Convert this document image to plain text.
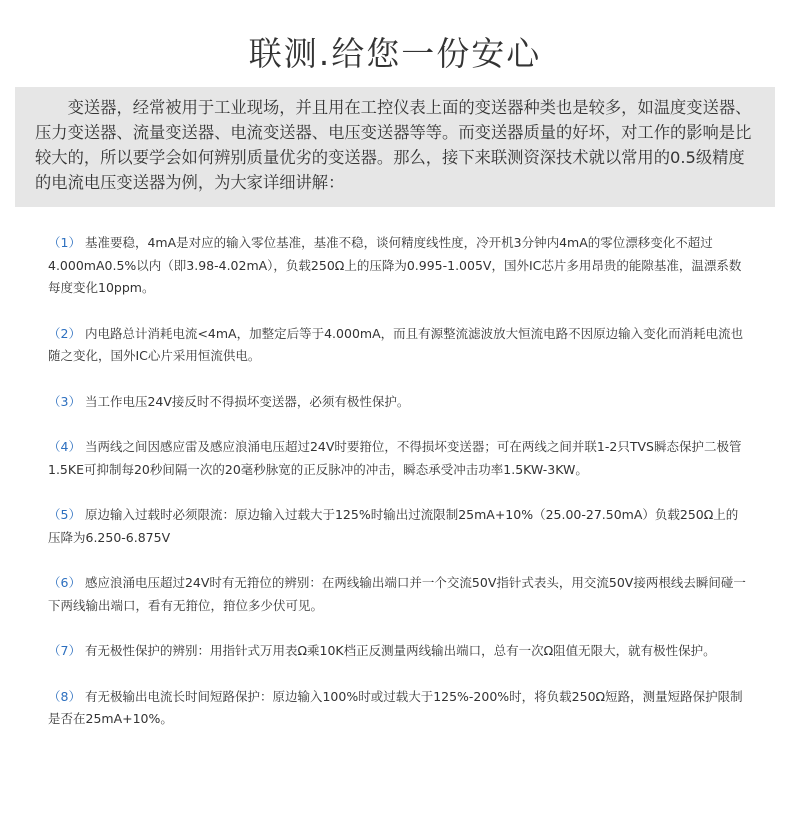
联测.给您一份安心

变送器，经常被用于工业现场，并且用在工控仪表上面的变送器种类也是较多，如温度变送器、压力变送器、流量变送器、电流变送器、电压变送器等等。而变送器质量的好坏，对工作的影响是比较大的，所以要学会如何辨别质量优劣的变送器。那么，接下来联测资深技术就以常用的0.5级精度的电流电压变送器为例，为大家详细讲解：

（1） 基准要稳，4mA是对应的输入零位基准，基准不稳，谈何精度线性度，冷开机3分钟内4mA的零位漂移变化不超过4.000mA0.5%以内（即3.98-4.02mA），负载250Ω上的压降为0.995-1.005V，国外IC芯片多用昂贵的能隙基准，温漂系数每度变化10ppm。

（2） 内电路总计消耗电流<4mA，加整定后等于4.000mA，而且有源整流滤波放大恒流电路不因原边输入变化而消耗电流也随之变化，国外IC心片采用恒流供电。

（3） 当工作电压24V接反时不得损坏变送器，必须有极性保护。

（4） 当两线之间因感应雷及感应浪涌电压超过24V时要箝位，不得损坏变送器；可在两线之间并联1-2只TVS瞬态保护二极管 1.5KE可抑制每20秒间隔一次的20毫秒脉宽的正反脉冲的冲击，瞬态承受冲击功率1.5KW-3KW。

（5） 原边输入过载时必须限流：原边输入过载大于125%时输出过流限制25mA+10%（25.00-27.50mA）负载250Ω上的压降为6.250-6.875V

（6） 感应浪涌电压超过24V时有无箝位的辨别：在两线输出端口并一个交流50V指针式表头，用交流50V接两根线去瞬间碰一下两线输出端口，看有无箝位，箝位多少伏可见。

（7） 有无极性保护的辨别：用指针式万用表Ω乘10K档正反测量两线输出端口，总有一次Ω阻值无限大，就有极性保护。

（8） 有无极输出电流长时间短路保护：原边输入100%时或过载大于125%-200%时，将负载250Ω短路，测量短路保护限制是否在25mA+10%。
